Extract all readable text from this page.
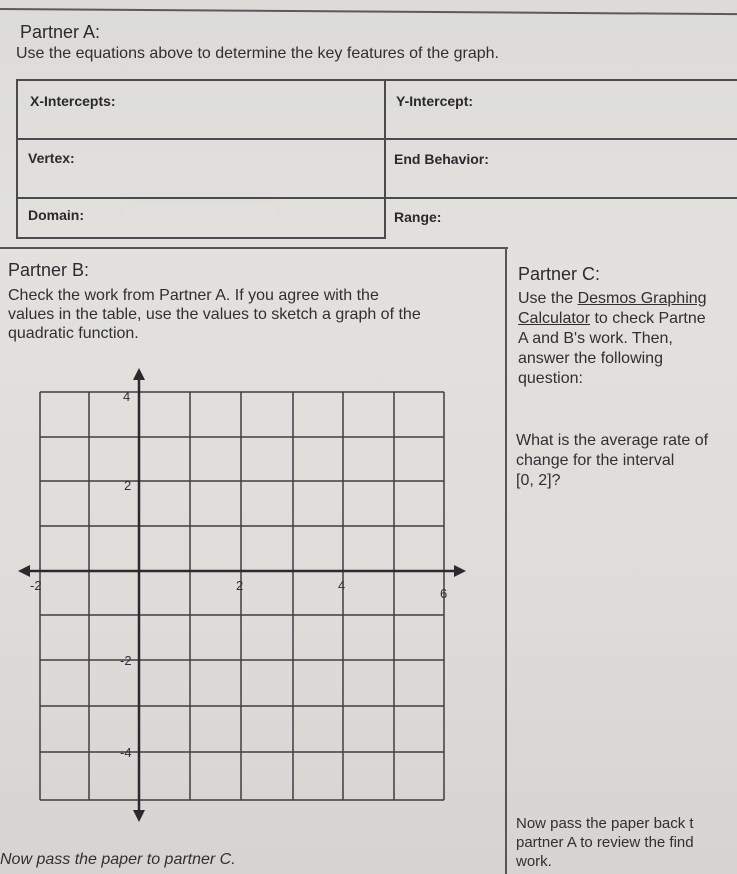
Partner A:
Use the equations above to determine the key features of the graph.
X-Intercepts:	Y-Intercept:
Vertex:	End Behavior:
Domain:	Range:
Partner B:
Check the work from Partner A. If you agree with the
values in the table, use the values to sketch a graph of the
quadratic function.
-2	2	4
6
4
2
-2
-4
Now pass the paper to partner C.
Partner C:
Use the Desmos Graphing
Calculator to check Partne
A and B's work. Then,
answer the following
question:
What is the average rate of
change for the interval
[0, 2]?
Now pass the paper back t
partner A to review the find
work.
